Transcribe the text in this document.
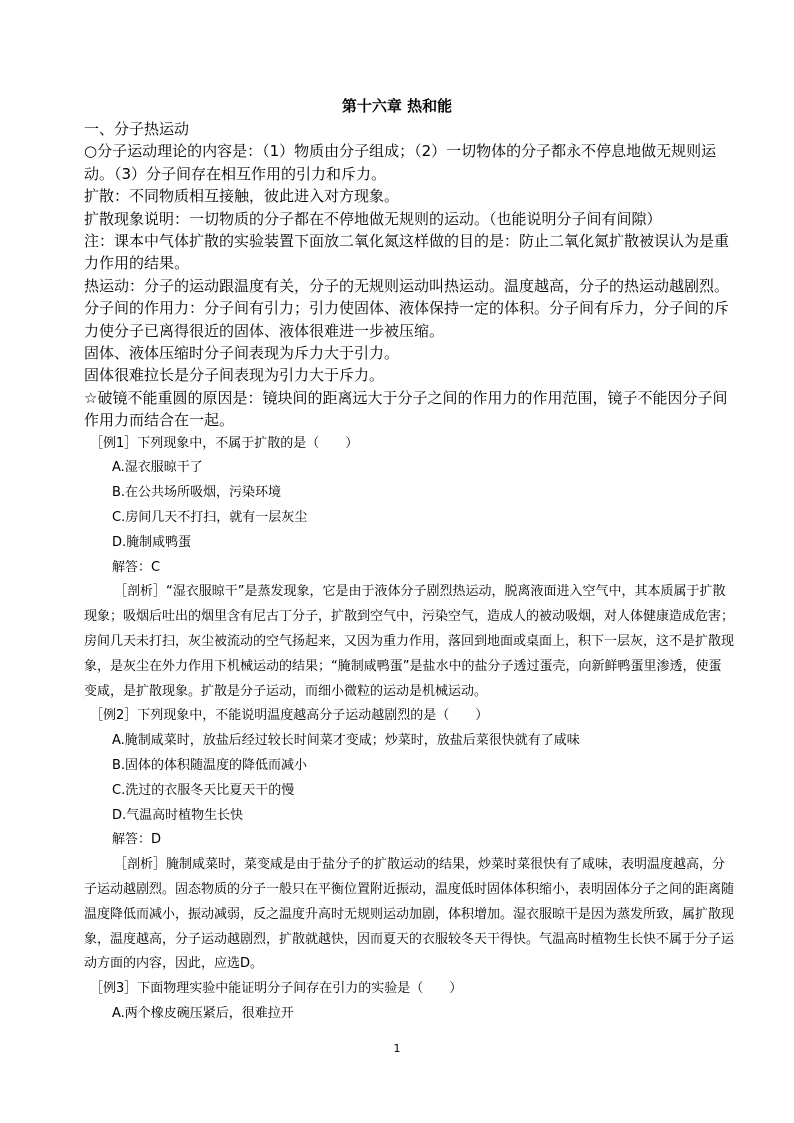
第十六章 热和能

一、分子热运动

○分子运动理论的内容是：（1）物质由分子组成；（2）一切物体的分子都永不停息地做无规则运动。（3）分子间存在相互作用的引力和斥力。

扩散：不同物质相互接触，彼此进入对方现象。

扩散现象说明：一切物质的分子都在不停地做无规则的运动。（也能说明分子间有间隙）

注：课本中气体扩散的实验装置下面放二氧化氮这样做的目的是：防止二氧化氮扩散被误认为是重力作用的结果。

热运动：分子的运动跟温度有关，分子的无规则运动叫热运动。温度越高，分子的热运动越剧烈。

分子间的作用力：分子间有引力；引力使固体、液体保持一定的体积。分子间有斥力，分子间的斥力使分子已离得很近的固体、液体很难进一步被压缩。

固体、液体压缩时分子间表现为斥力大于引力。

固体很难拉长是分子间表现为引力大于斥力。

☆破镜不能重圆的原因是：镜块间的距离远大于分子之间的作用力的作用范围，镜子不能因分子间作用力而结合在一起。

［例1］下列现象中，不属于扩散的是（　　）

A.湿衣服晾干了

B.在公共场所吸烟，污染环境

C.房间几天不打扫，就有一层灰尘

D.腌制咸鸭蛋

解答：C

［剖析］“湿衣服晾干”是蒸发现象，它是由于液体分子剧烈热运动，脱离液面进入空气中，其本质属于扩散现象；吸烟后吐出的烟里含有尼古丁分子，扩散到空气中，污染空气，造成人的被动吸烟，对人体健康造成危害；房间几天未打扫，灰尘被流动的空气扬起来，又因为重力作用，落回到地面或桌面上，积下一层灰，这不是扩散现象，是灰尘在外力作用下机械运动的结果；“腌制咸鸭蛋”是盐水中的盐分子透过蛋壳，向新鲜鸭蛋里渗透，使蛋变咸，是扩散现象。扩散是分子运动，而细小微粒的运动是机械运动。

［例2］下列现象中，不能说明温度越高分子运动越剧烈的是（　　）

A.腌制咸菜时，放盐后经过较长时间菜才变咸；炒菜时，放盐后菜很快就有了咸味

B.固体的体积随温度的降低而减小

C.洗过的衣服冬天比夏天干的慢

D.气温高时植物生长快

解答：D

［剖析］腌制咸菜时，菜变咸是由于盐分子的扩散运动的结果，炒菜时菜很快有了咸味，表明温度越高，分子运动越剧烈。固态物质的分子一般只在平衡位置附近振动，温度低时固体体积缩小，表明固体分子之间的距离随温度降低而减小，振动减弱，反之温度升高时无规则运动加剧，体积增加。湿衣服晾干是因为蒸发所致，属扩散现象，温度越高，分子运动越剧烈，扩散就越快，因而夏天的衣服较冬天干得快。气温高时植物生长快不属于分子运动方面的内容，因此，应选D。

［例3］下面物理实验中能证明分子间存在引力的实验是（　　）

A.两个橡皮碗压紧后，很难拉开

1
